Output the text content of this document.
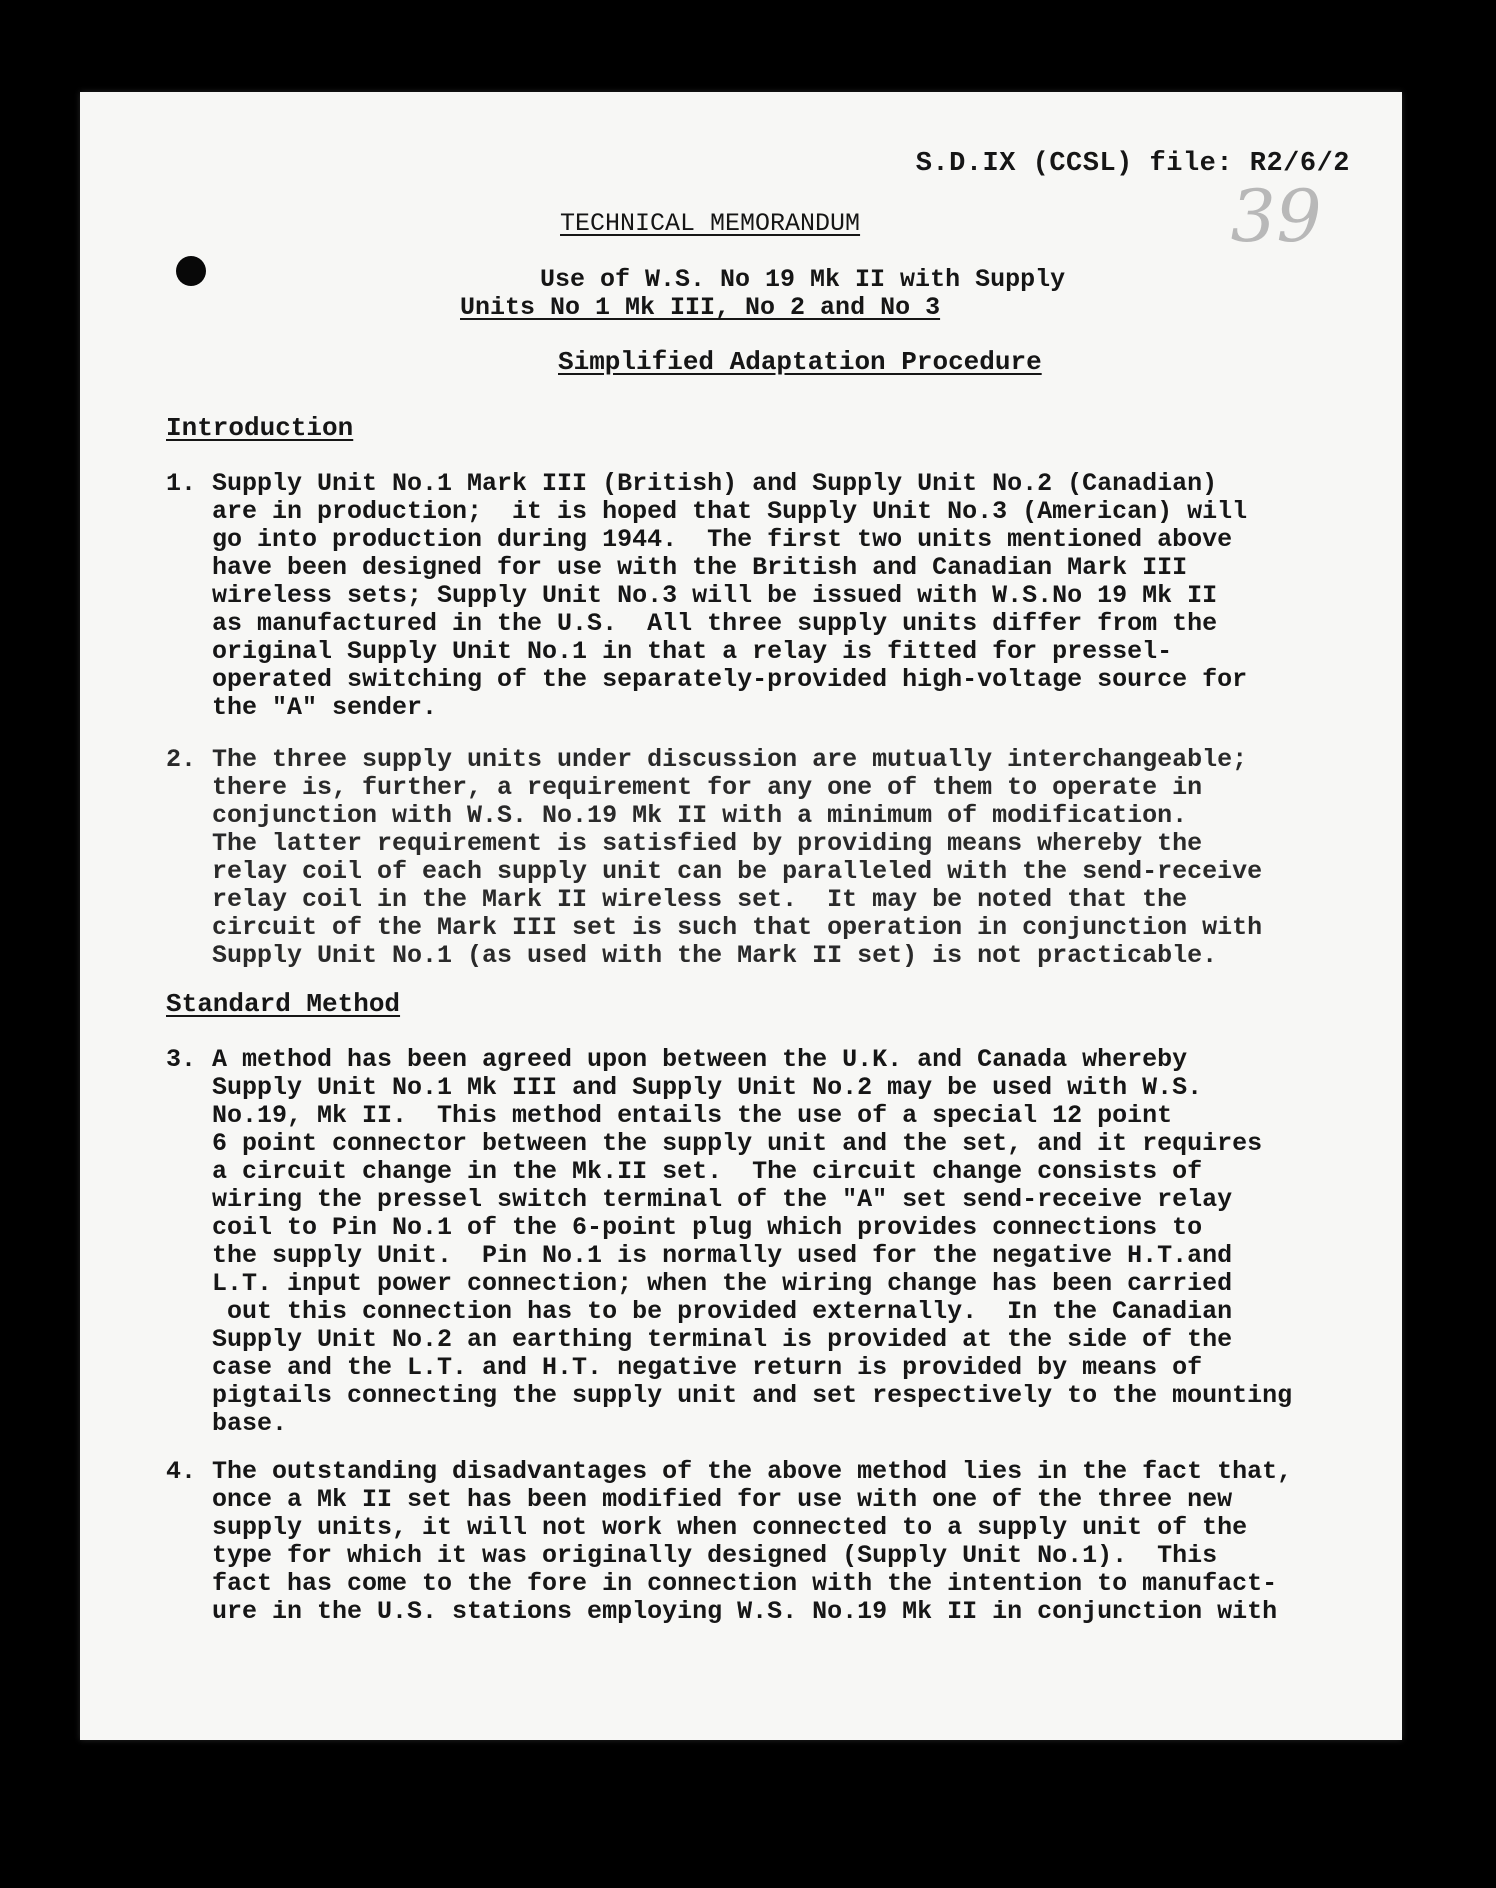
S.D.IX (CCSL) file: R2/6/2
39
TECHNICAL MEMORANDUM
Use of W.S. No 19 Mk II with Supply
Units No 1 Mk III, No 2 and No 3
Simplified Adaptation Procedure
Introduction
1. Supply Unit No.1 Mark III (British) and Supply Unit No.2 (Canadian)
are in production;  it is hoped that Supply Unit No.3 (American) will
go into production during 1944.  The first two units mentioned above
have been designed for use with the British and Canadian Mark III
wireless sets; Supply Unit No.3 will be issued with W.S.No 19 Mk II
as manufactured in the U.S.  All three supply units differ from the
original Supply Unit No.1 in that a relay is fitted for pressel-
operated switching of the separately-provided high-voltage source for
the "A" sender.
2. The three supply units under discussion are mutually interchangeable;
there is, further, a requirement for any one of them to operate in
conjunction with W.S. No.19 Mk II with a minimum of modification.
The latter requirement is satisfied by providing means whereby the
relay coil of each supply unit can be paralleled with the send-receive
relay coil in the Mark II wireless set.  It may be noted that the
circuit of the Mark III set is such that operation in conjunction with
Supply Unit No.1 (as used with the Mark II set) is not practicable.
Standard Method
3. A method has been agreed upon between the U.K. and Canada whereby
Supply Unit No.1 Mk III and Supply Unit No.2 may be used with W.S.
No.19, Mk II.  This method entails the use of a special 12 point
6 point connector between the supply unit and the set, and it requires
a circuit change in the Mk.II set.  The circuit change consists of
wiring the pressel switch terminal of the "A" set send-receive relay
coil to Pin No.1 of the 6-point plug which provides connections to
the supply Unit.  Pin No.1 is normally used for the negative H.T.and
L.T. input power connection; when the wiring change has been carried
out this connection has to be provided externally.  In the Canadian
Supply Unit No.2 an earthing terminal is provided at the side of the
case and the L.T. and H.T. negative return is provided by means of
pigtails connecting the supply unit and set respectively to the mounting
base.
4. The outstanding disadvantages of the above method lies in the fact that,
once a Mk II set has been modified for use with one of the three new
supply units, it will not work when connected to a supply unit of the
type for which it was originally designed (Supply Unit No.1).  This
fact has come to the fore in connection with the intention to manufact-
ure in the U.S. stations employing W.S. No.19 Mk II in conjunction with
